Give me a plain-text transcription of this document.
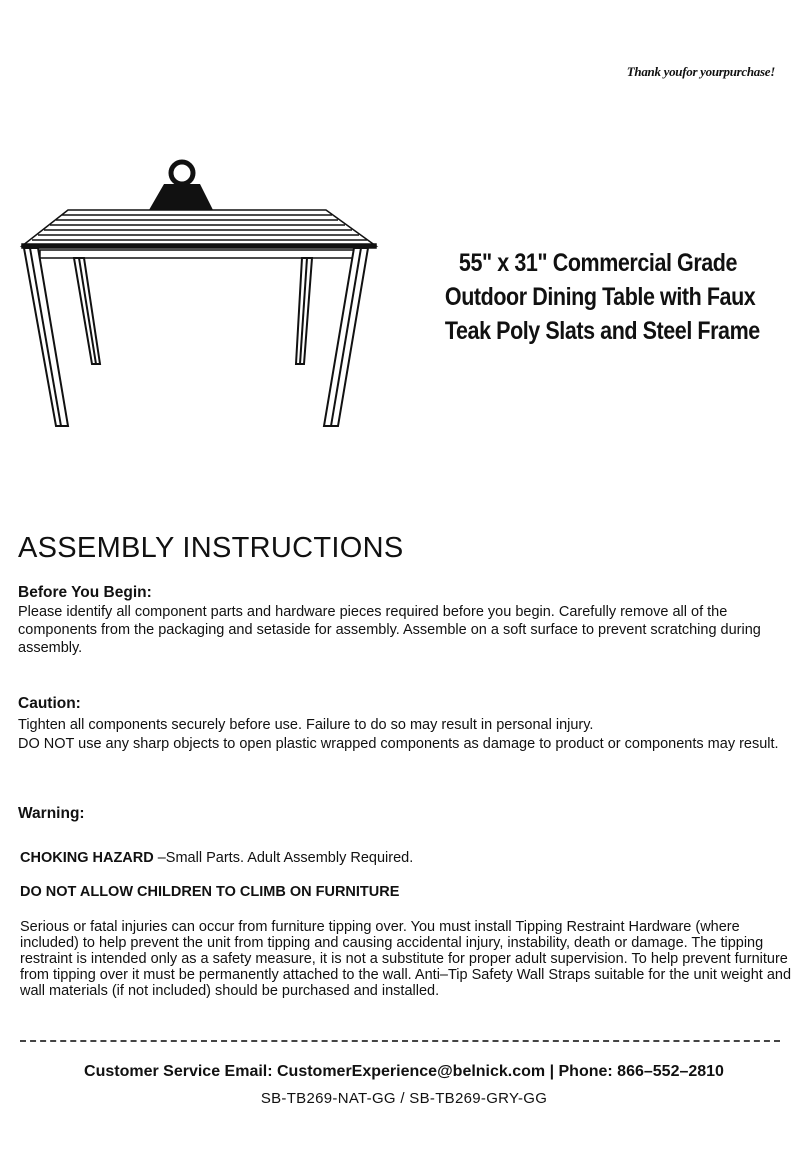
Thank youfor yourpurchase!
55" x 31" Commercial Grade
Outdoor Dining Table with Faux
Teak Poly Slats and Steel Frame
ASSEMBLY INSTRUCTIONS
Before You Begin:
Please identify all component parts and hardware pieces required before you begin. Carefully remove all of the components from the packaging and setaside for assembly. Assemble on a soft surface to prevent scratching during assembly.
Caution:
Tighten all components securely before use. Failure to do so may result in personal injury.
DO NOT use any sharp objects to open plastic wrapped components as damage to product or components may result.
Warning:
CHOKING HAZARD –Small Parts. Adult Assembly Required.
DO NOT ALLOW CHILDREN TO CLIMB ON FURNITURE
Serious or fatal injuries can occur from furniture tipping over. You must install Tipping Restraint Hardware (where included) to help prevent the unit from tipping and causing accidental injury, instability, death or damage. The tipping restraint is intended only as a safety measure, it is not a substitute for proper adult supervision. To help prevent furniture from tipping over it must be permanently attached to the wall. Anti–Tip Safety Wall Straps suitable for the unit weight and wall materials (if not included) should be purchased and installed.
Customer Service Email: CustomerExperience@belnick.com | Phone: 866–552–2810
SB-TB269-NAT-GG / SB-TB269-GRY-GG
